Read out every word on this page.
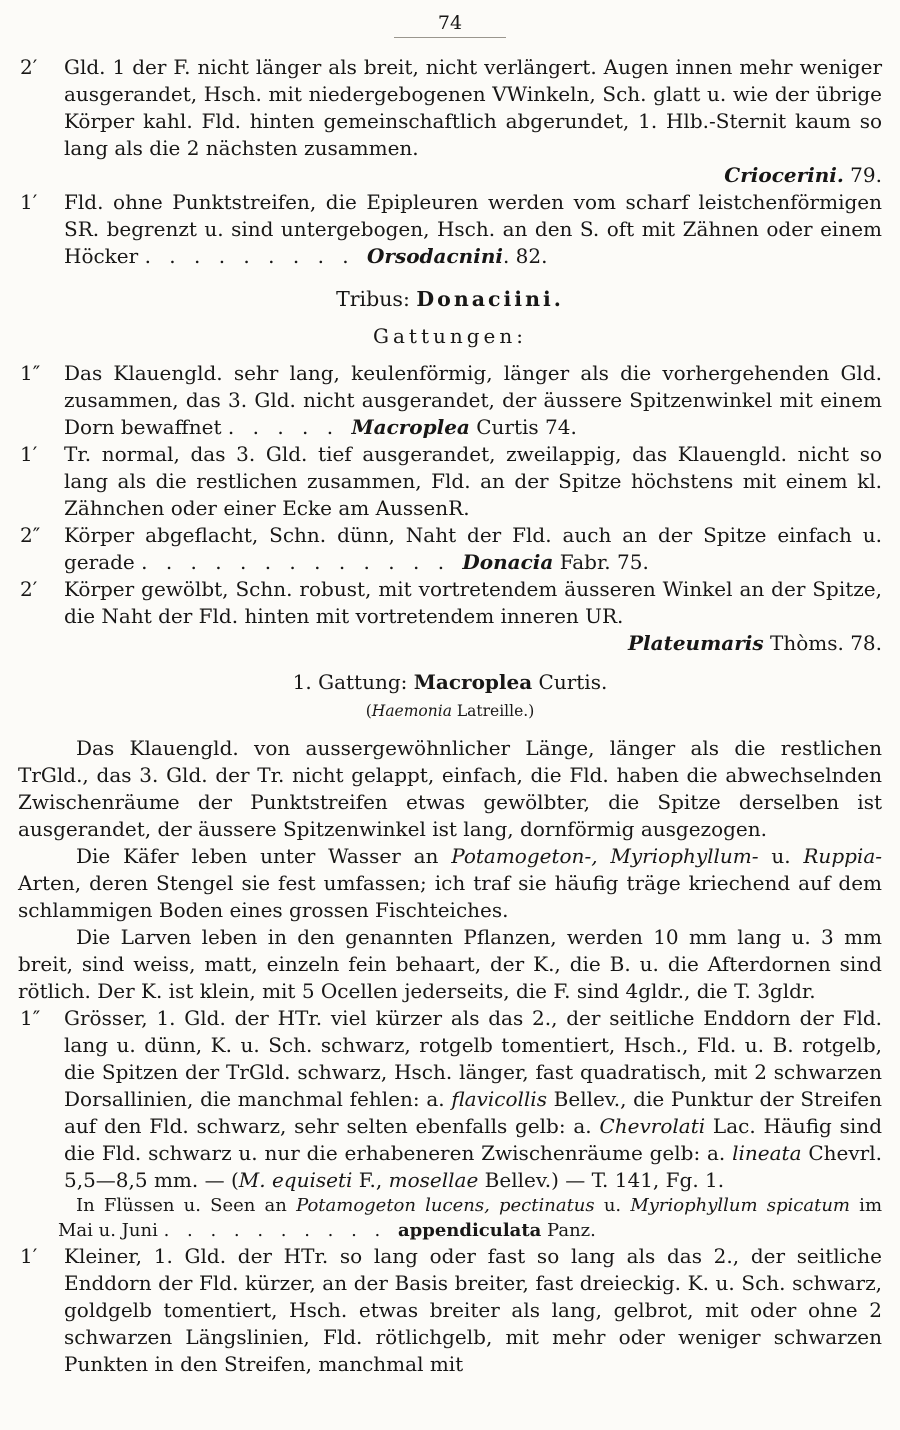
74
2′ Gld. 1 der F. nicht länger als breit, nicht verlängert. Augen innen mehr weniger ausgerandet, Hsch. mit niedergebogenen VWinkeln, Sch. glatt u. wie der übrige Körper kahl. Fld. hinten gemeinschaftlich abgerundet, 1. Hlb.-Sternit kaum so lang als die 2 nächsten zusammen.
Criocerini. 79.
1′ Fld. ohne Punktstreifen, die Epipleuren werden vom scharf leistchenförmigen SR. begrenzt u. sind untergebogen, Hsch. an den S. oft mit Zähnen oder einem Höcker . . . . . . . . . Orsodacnini. 82.
Tribus: Donaciini.
Gattungen:
1″ Das Klauengld. sehr lang, keulenförmig, länger als die vorhergehenden Gld. zusammen, das 3. Gld. nicht ausgerandet, der äussere Spitzenwinkel mit einem Dorn bewaffnet . . . . . Macroplea Curtis 74.
1′ Tr. normal, das 3. Gld. tief ausgerandet, zweilappig, das Klauengld. nicht so lang als die restlichen zusammen, Fld. an der Spitze höchstens mit einem kl. Zähnchen oder einer Ecke am AussenR.
2″ Körper abgeflacht, Schn. dünn, Naht der Fld. auch an der Spitze einfach u. gerade . . . . . . . . . . . . . Donacia Fabr. 75.
2′ Körper gewölbt, Schn. robust, mit vortretendem äusseren Winkel an der Spitze, die Naht der Fld. hinten mit vortretendem inneren UR.
Plateumaris Thòms. 78.
1. Gattung: Macroplea Curtis.
(Haemonia Latreille.)
Das Klauengld. von aussergewöhnlicher Länge, länger als die restlichen TrGld., das 3. Gld. der Tr. nicht gelappt, einfach, die Fld. haben die abwechselnden Zwischenräume der Punktstreifen etwas gewölbter, die Spitze derselben ist ausgerandet, der äussere Spitzenwinkel ist lang, dornförmig ausgezogen.
Die Käfer leben unter Wasser an Potamogeton-, Myriophyllum- u. Ruppia-Arten, deren Stengel sie fest umfassen; ich traf sie häufig träge kriechend auf dem schlammigen Boden eines grossen Fischteiches.
Die Larven leben in den genannten Pflanzen, werden 10 mm lang u. 3 mm breit, sind weiss, matt, einzeln fein behaart, der K., die B. u. die Afterdornen sind rötlich. Der K. ist klein, mit 5 Ocellen jederseits, die F. sind 4gldr., die T. 3gldr.
1″ Grösser, 1. Gld. der HTr. viel kürzer als das 2., der seitliche Enddorn der Fld. lang u. dünn, K. u. Sch. schwarz, rotgelb tomentiert, Hsch., Fld. u. B. rotgelb, die Spitzen der TrGld. schwarz, Hsch. länger, fast quadratisch, mit 2 schwarzen Dorsallinien, die manchmal fehlen: a. flavicollis Bellev., die Punktur der Streifen auf den Fld. schwarz, sehr selten ebenfalls gelb: a. Chevrolati Lac. Häufig sind die Fld. schwarz u. nur die erhabeneren Zwischenräume gelb: a. lineata Chevrl. 5,5—8,5 mm. — (M. equiseti F., mosellae Bellev.) — T. 141, Fg. 1.
In Flüssen u. Seen an Potamogeton lucens, pectinatus u. Myriophyllum spicatum im Mai u. Juni . . . . . . . . . . appendiculata Panz.
1′ Kleiner, 1. Gld. der HTr. so lang oder fast so lang als das 2., der seitliche Enddorn der Fld. kürzer, an der Basis breiter, fast dreieckig. K. u. Sch. schwarz, goldgelb tomentiert, Hsch. etwas breiter als lang, gelbrot, mit oder ohne 2 schwarzen Längslinien, Fld. rötlichgelb, mit mehr oder weniger schwarzen Punkten in den Streifen, manchmal mit
